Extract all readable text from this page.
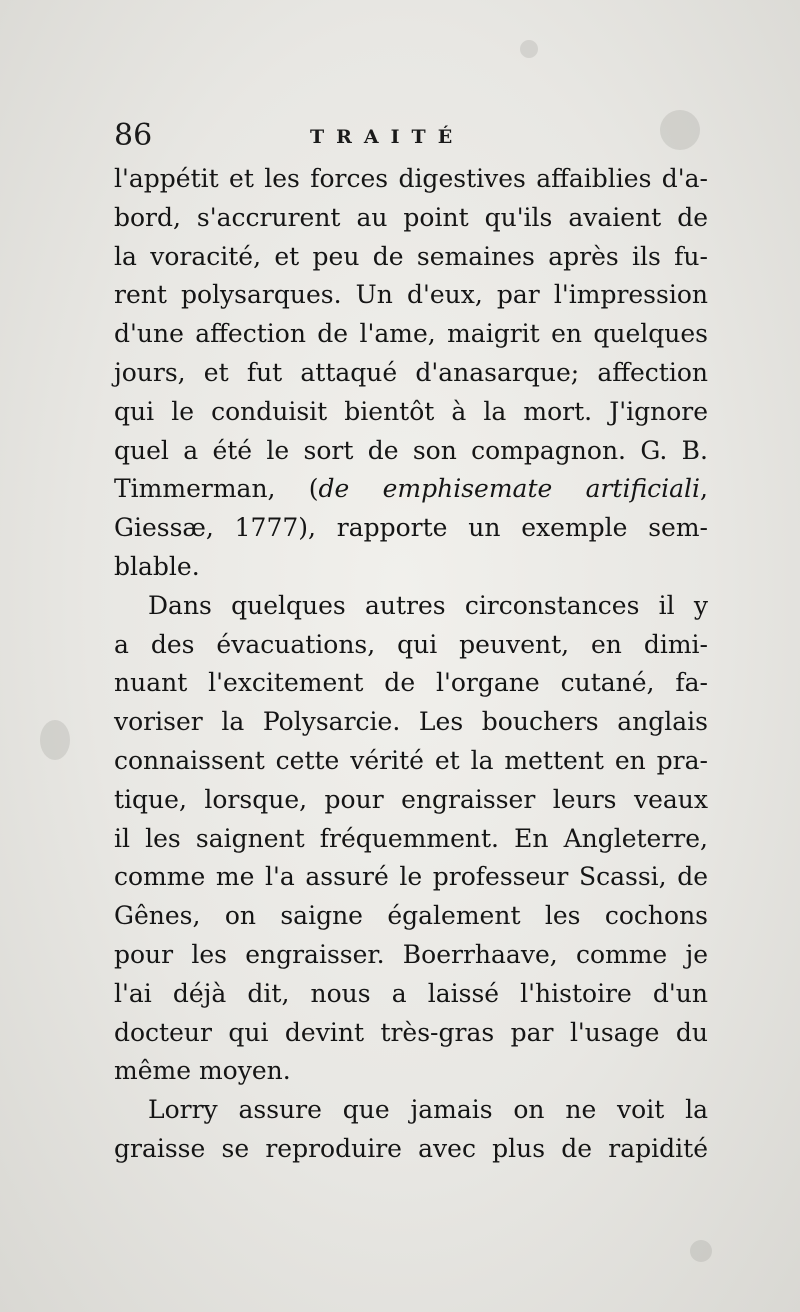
86	TRAITÉ
l'appétit et les forces digestives affaiblies d'a-
bord, s'accrurent au point qu'ils avaient de
la voracité, et peu de semaines après ils fu-
rent polysarques. Un d'eux, par l'impression
d'une affection de l'ame, maigrit en quelques
jours, et fut attaqué d'anasarque; affection
qui le conduisit bientôt à la mort. J'ignore
quel a été le sort de son compagnon. G. B.
Timmerman, (de emphisemate artificiali,
Giessæ, 1777), rapporte un exemple sem-
blable.
Dans quelques autres circonstances il y
a des évacuations, qui peuvent, en dimi-
nuant l'excitement de l'organe cutané, fa-
voriser la Polysarcie. Les bouchers anglais
connaissent cette vérité et la mettent en pra-
tique, lorsque, pour engraisser leurs veaux
il les saignent fréquemment. En Angleterre,
comme me l'a assuré le professeur Scassi, de
Gênes, on saigne également les cochons
pour les engraisser. Boerrhaave, comme je
l'ai déjà dit, nous a laissé l'histoire d'un
docteur qui devint très-gras par l'usage du
même moyen.
Lorry assure que jamais on ne voit la
graisse se reproduire avec plus de rapidité
